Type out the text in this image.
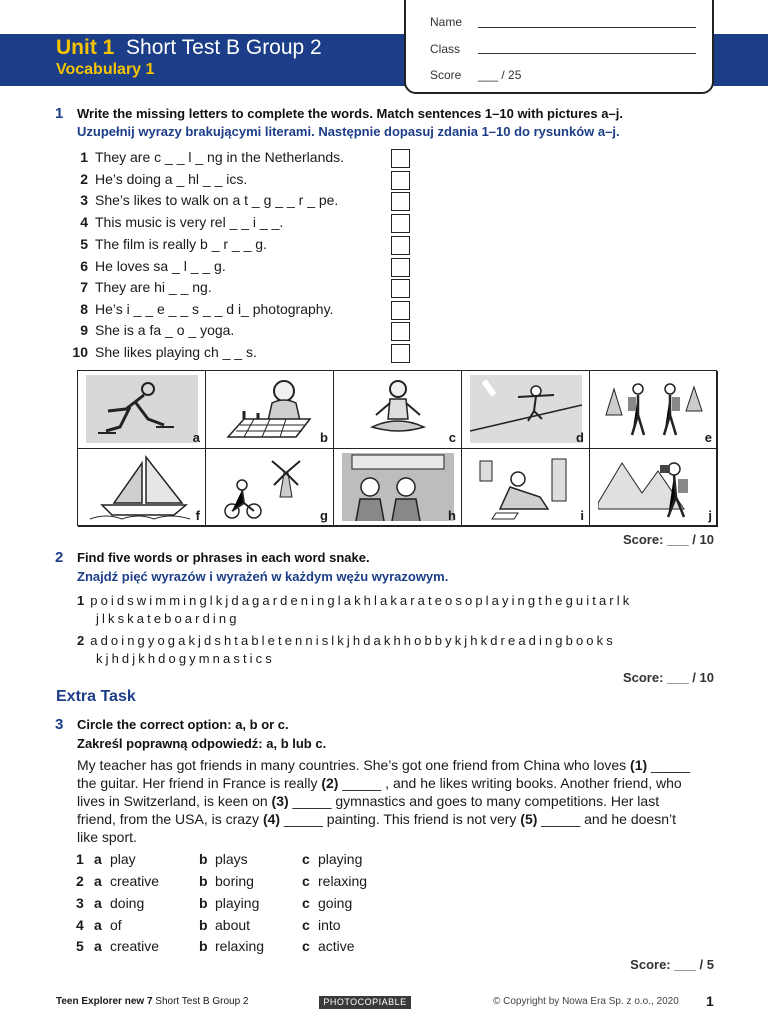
Unit 1 Short Test B Group 2
Vocabulary 1
Name
Class
Score ___ / 25
1 Write the missing letters to complete the words. Match sentences 1–10 with pictures a–j.
Uzupełnij wyrazy brakującymi literami. Następnie dopasuj zdania 1–10 do rysunków a–j.
1 They are c _ _ l _ ng in the Netherlands.
2 He’s doing a _ hl _ _ ics.
3 She’s likes to walk on a t _ g _ _ r _ pe.
4 This music is very rel _ _ i _ _.
5 The film is really b _ r _ _ g.
6 He loves sa _ l _ _ g.
7 They are hi _ _ ng.
8 He’s i _ _ e _ _ s _ _ d i_ photography.
9 She is a fa _ o _ yoga.
10 She likes playing ch _ _ s.
a	b	c	d	e
f	g	h	i	j
Score: ___ / 10
2 Find five words or phrases in each word snake.
Znajdź pięć wyrazów i wyrażeń w każdym wężu wyrazowym.
1 poidswimminglkjdagardeninglakhlakarateosoplayingtheguitarlk
jlkskateboarding
2 adoingyogakjdshtabletennislkjhdakhhobbykjhkdreadingbooks
kjhdjkhdogymnastics
Score: ___ / 10
Extra Task
3 Circle the correct option: a, b or c.
Zakreśl poprawną odpowiedź: a, b lub c.
My teacher has got friends in many countries. She’s got one friend from China who loves (1) _____
the guitar. Her friend in France is really (2) _____ , and he likes writing books. Another friend, who
lives in Switzerland, is keen on (3) _____ gymnastics and goes to many competitions. Her last
friend, from the USA, is crazy (4) _____ painting. This friend is not very (5) _____ and he doesn’t
like sport.
1 a play	b plays	c playing
2 a creative	b boring	c relaxing
3 a doing	b playing	c going
4 a of	b about	c into
5 a creative	b relaxing	c active
Score: ___ / 5
Teen Explorer new 7 Short Test B Group 2	PHOTOCOPIABLE	© Copyright by Nowa Era Sp. z o.o., 2020 1
